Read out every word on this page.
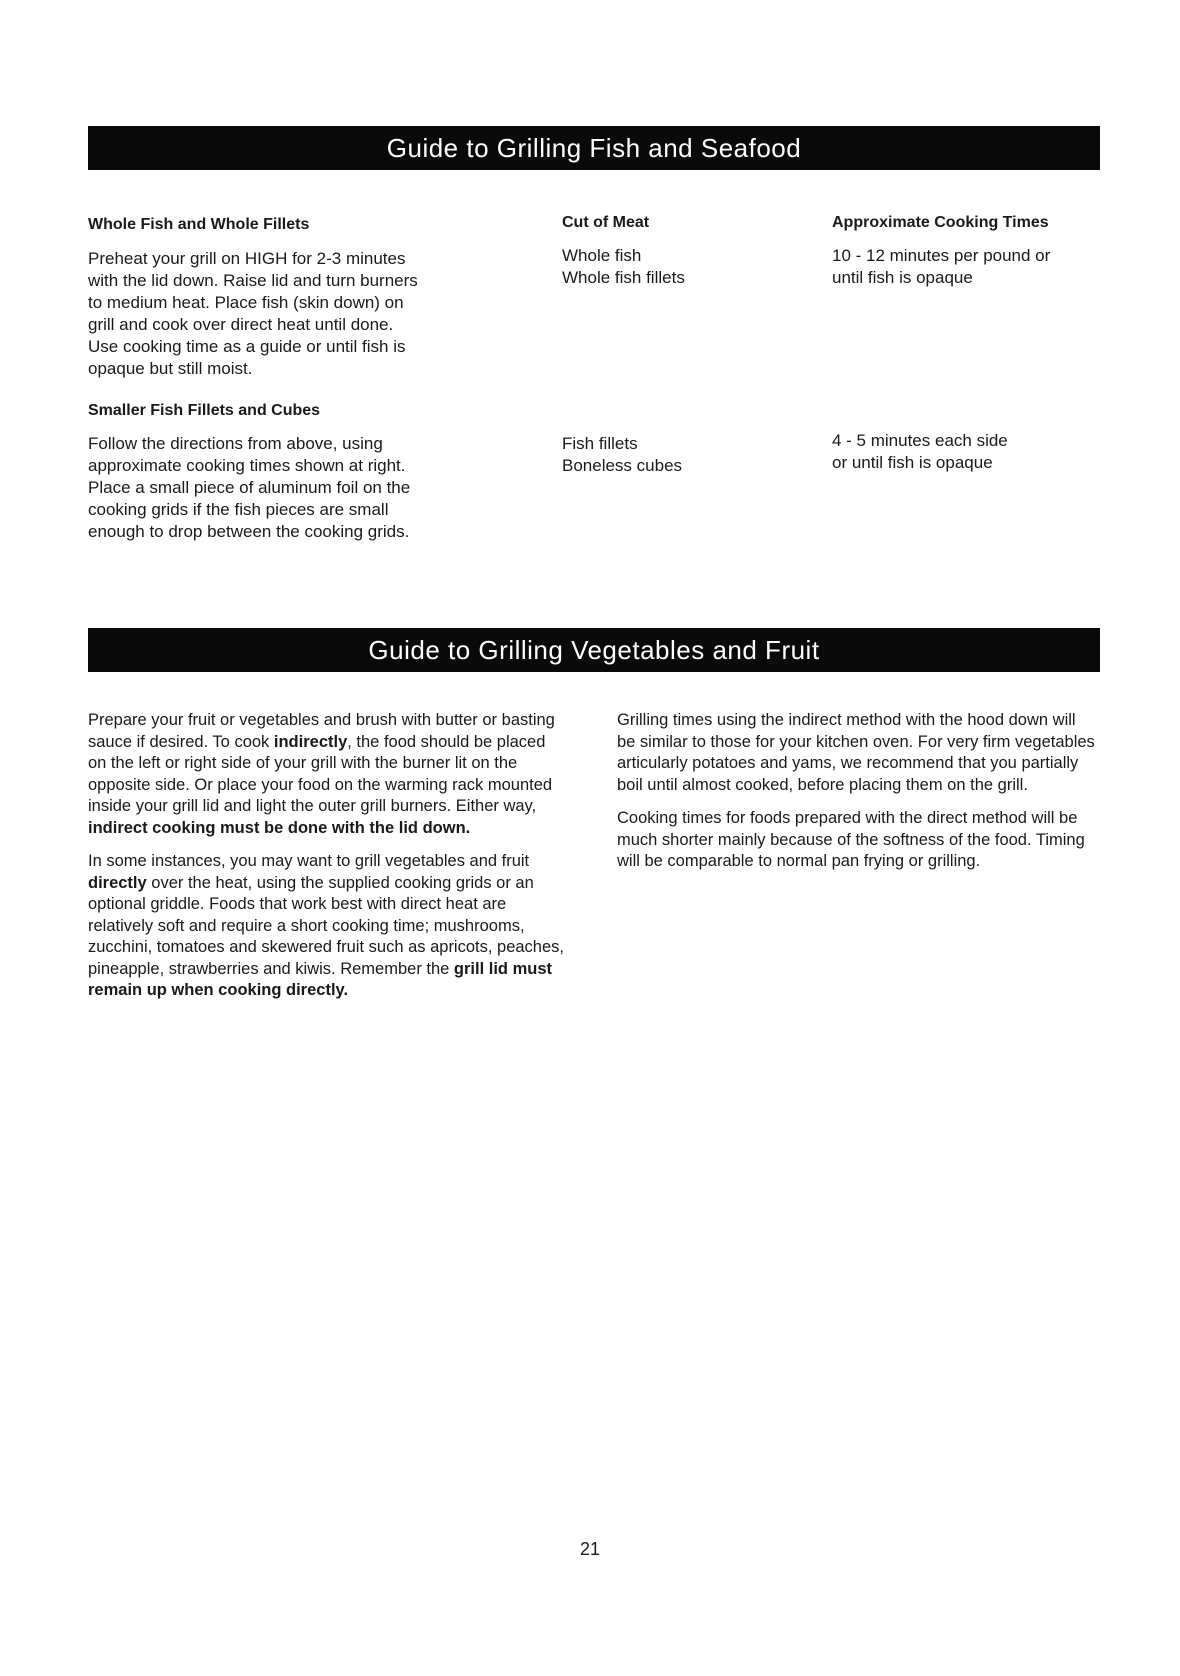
Guide to Grilling Fish and Seafood
Whole Fish and Whole Fillets

Preheat your grill on HIGH for 2-3 minutes

with the lid down. Raise lid and turn burners

to medium heat. Place fish (skin down) on

grill and cook over direct heat until done.

Use cooking time as a guide or until fish is

opaque but still moist.

Smaller Fish Fillets and Cubes

Follow the directions from above, using

approximate cooking times shown at right.

Place a small piece of aluminum foil on the

cooking grids if the fish pieces are small

enough to drop between the cooking grids.

Cut of Meat

Whole fish

Whole fish fillets

Fish fillets

Boneless cubes

Approximate Cooking Times

10 - 12 minutes per pound or

until fish is opaque

4 - 5 minutes each side

or until fish is opaque

Guide to Grilling Vegetables and Fruit

Prepare your fruit or vegetables and brush with butter or basting sauce if desired. To cook indirectly, the food should be placed on the left or right side of your grill with the burner lit on the opposite side. Or place your food on the warming rack mounted inside your grill lid and light the outer grill burners. Either way, indirect cooking must be done with the lid down.

In some instances, you may want to grill vegetables and fruit directly over the heat, using the supplied cooking grids or an optional griddle. Foods that work best with direct heat are relatively soft and require a short cooking time; mushrooms, zucchini, tomatoes and skewered fruit such as apricots, peaches, pineapple, strawberries and kiwis. Remember the grill lid must remain up when cooking directly.

Grilling times using the indirect method with the hood down will be similar to those for your kitchen oven. For very firm vegetables articularly potatoes and yams, we recommend that you partially boil until almost cooked, before placing them on the grill.

Cooking times for foods prepared with the direct method will be much shorter mainly because of the softness of the food. Timing will be comparable to normal pan frying or grilling.

21
